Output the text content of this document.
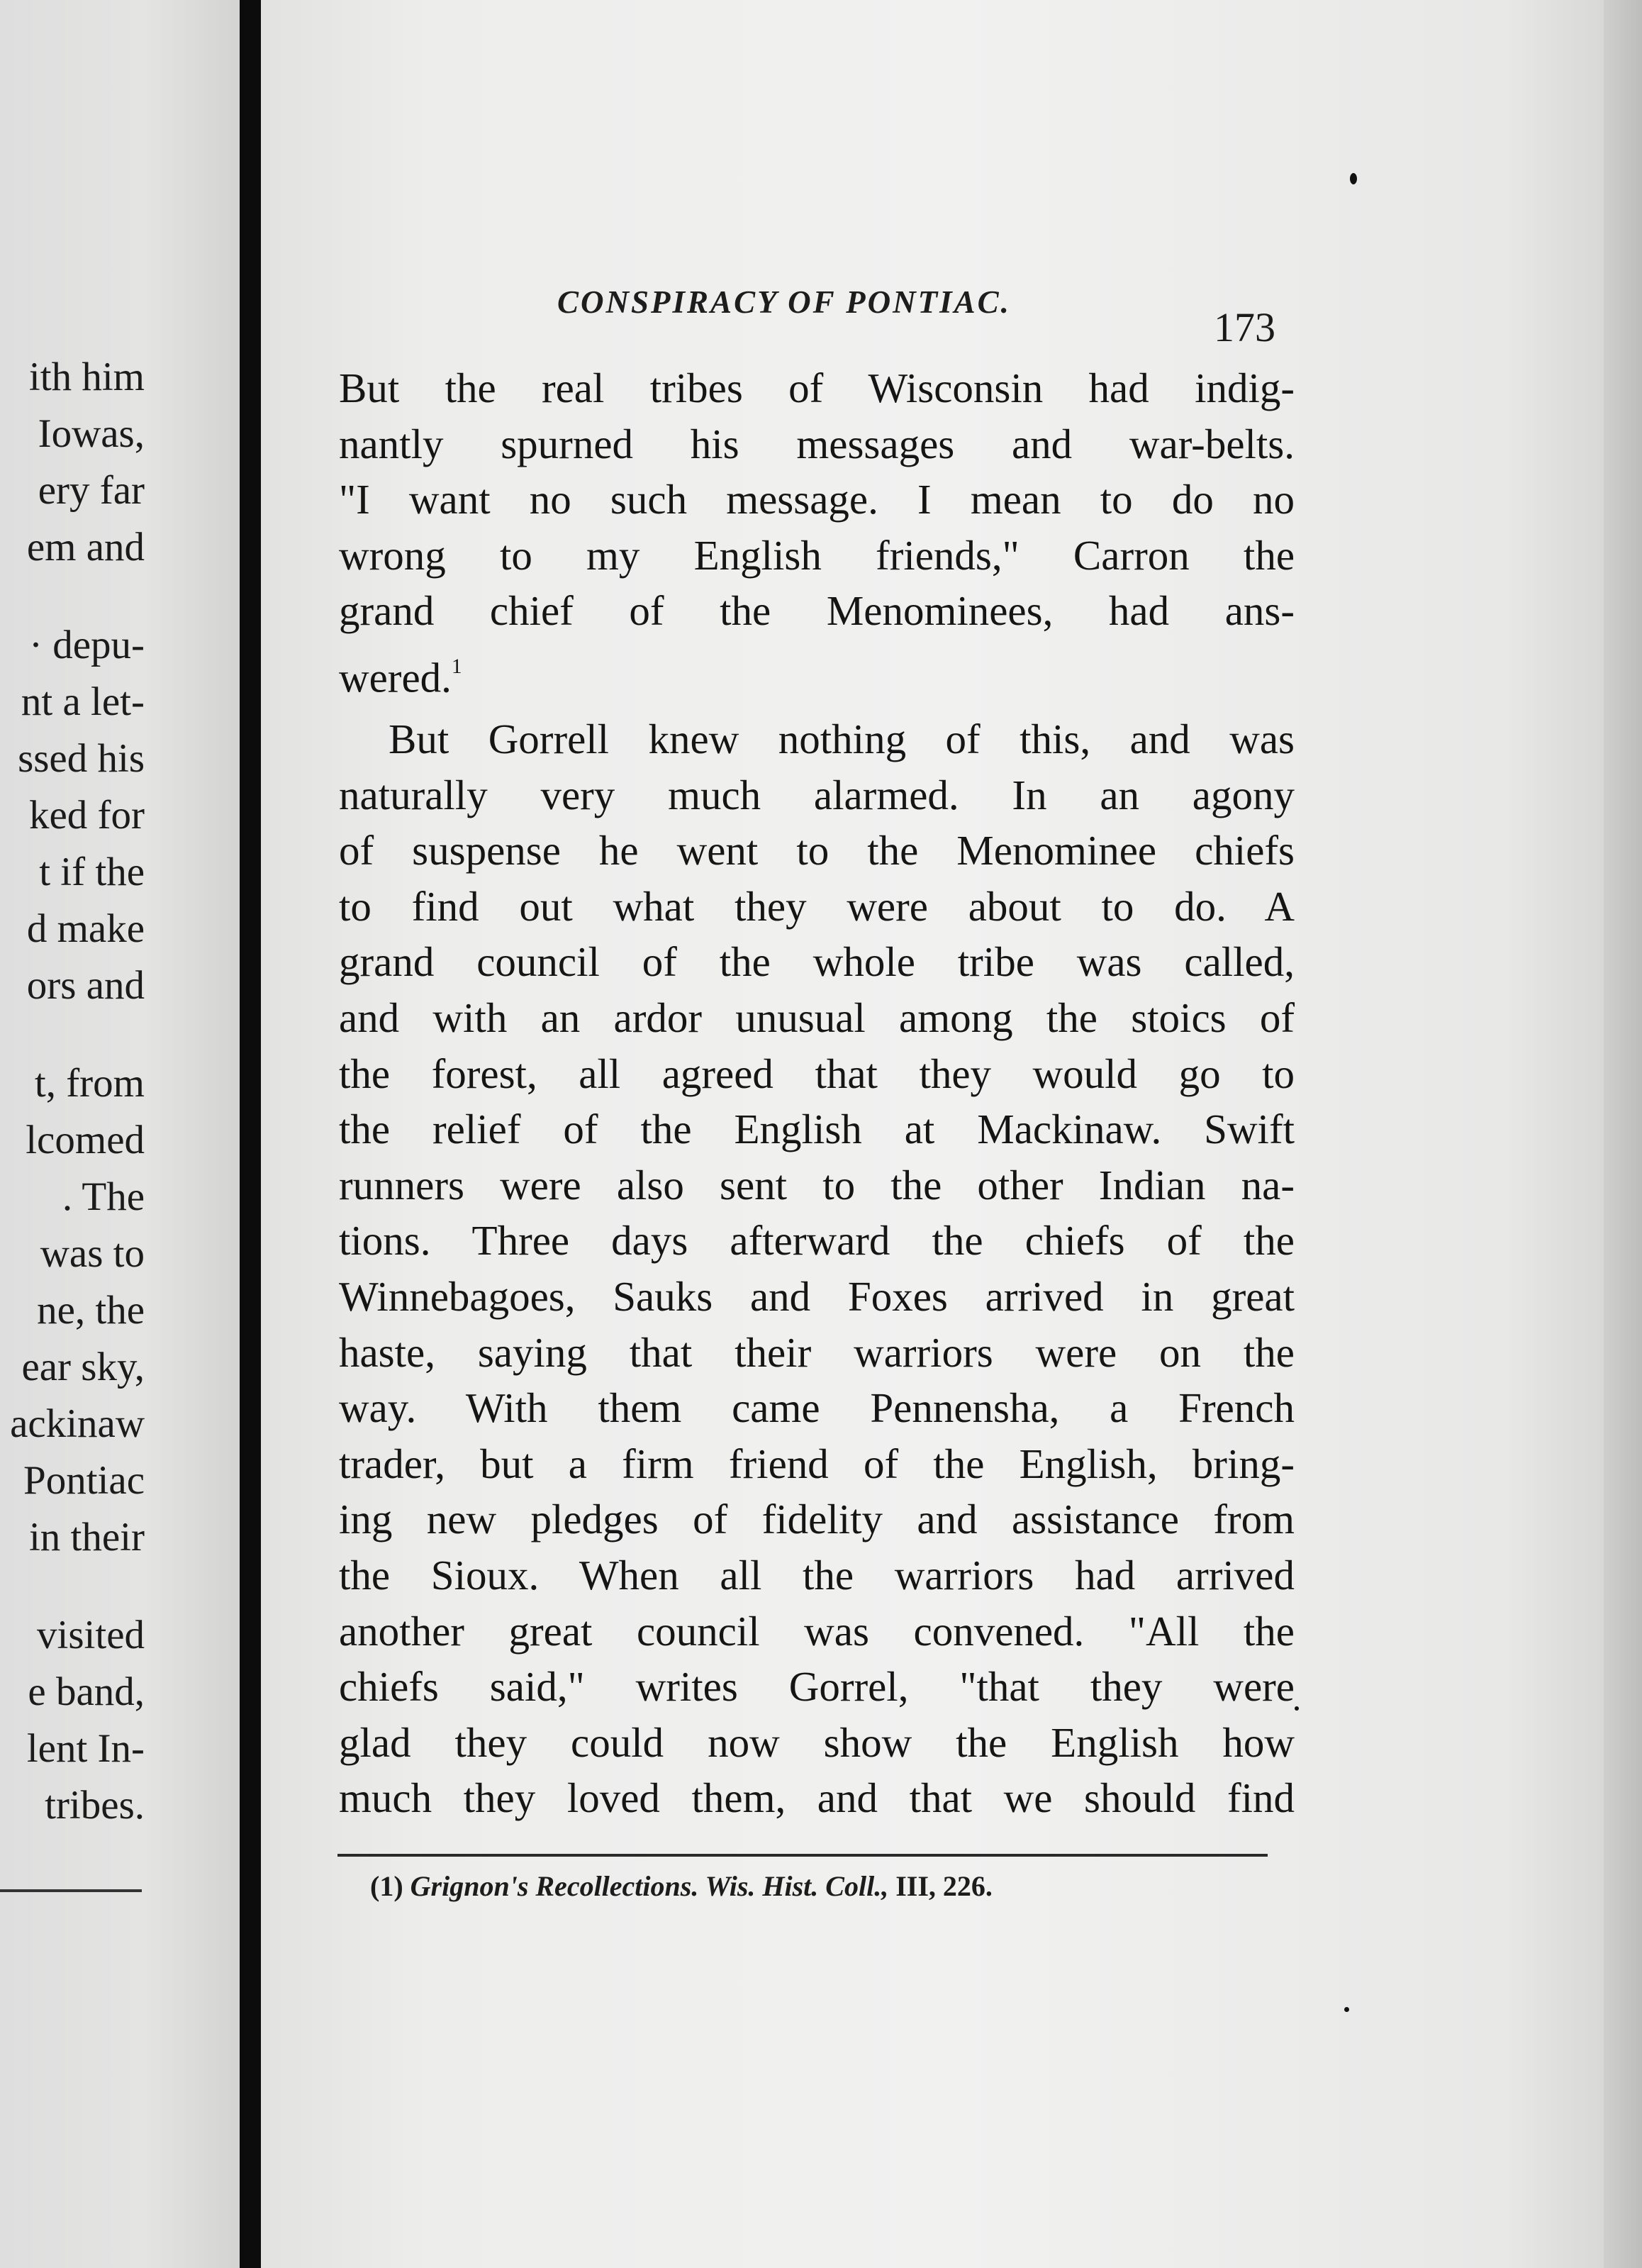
ith him
Iowas,
ery far
em and
· depu-
nt a let-
ssed his
ked for
t if the
d make
ors and
t, from
lcomed
. The
was to
ne, the
ear sky,
ackinaw
Pontiac
in their
visited
e band,
lent In-
tribes.
CONSPIRACY OF PONTIAC.
173
But the real tribes of Wisconsin had indig-
nantly spurned his messages and war-belts.
"I want no such message. I mean to do no
wrong to my English friends," Carron the
grand chief of the Menominees, had ans-
wered.$^1$
But Gorrell knew nothing of this, and was
naturally very much alarmed. In an agony
of suspense he went to the Menominee chiefs
to find out what they were about to do. A
grand council of the whole tribe was called,
and with an ardor unusual among the stoics of
the forest, all agreed that they would go to
the relief of the English at Mackinaw. Swift
runners were also sent to the other Indian na-
tions. Three days afterward the chiefs of the
Winnebagoes, Sauks and Foxes arrived in great
haste, saying that their warriors were on the
way. With them came Pennensha, a French
trader, but a firm friend of the English, bring-
ing new pledges of fidelity and assistance from
the Sioux. When all the warriors had arrived
another great council was convened. "All the
chiefs said," writes Gorrel, "that they were
glad they could now show the English how
much they loved them, and that we should find
(1) Grignon's Recollections. Wis. Hist. Coll., III, 226.
